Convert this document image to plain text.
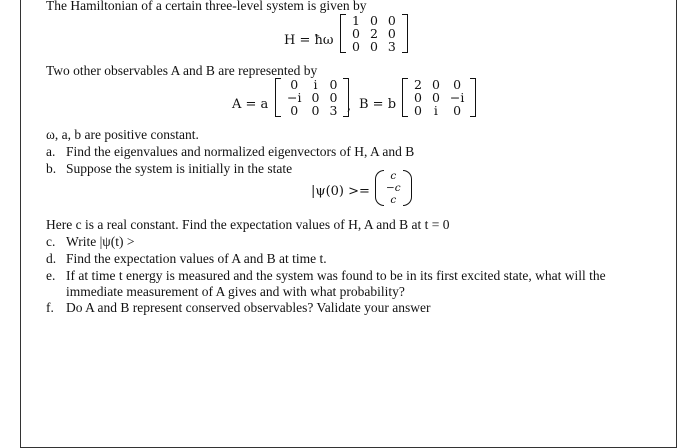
The Hamiltonian of a certain three-level system is given by
H = ħω
1	0	0
0	2	0
0	0	3
Two other observables A and B are represented by
A = a
0	i	0
−i	0	0
0	0	3 , B = b
2	0	0
0	0	−i
0	i	0
ω, a, b are positive constant.
a. Find the eigenvalues and normalized eigenvectors of H, A and B
b. Suppose the system is initially in the state
|ψ(0) >=
c
−c
c
Here c is a real constant. Find the expectation values of H, A and B at t = 0
c. Write |ψ(t) >
d. Find the expectation values of A and B at time t.
e. If at time t energy is measured and the system was found to be in its first excited state, what will the
immediate measurement of A gives and with what probability?
f. Do A and B represent conserved observables? Validate your answer
